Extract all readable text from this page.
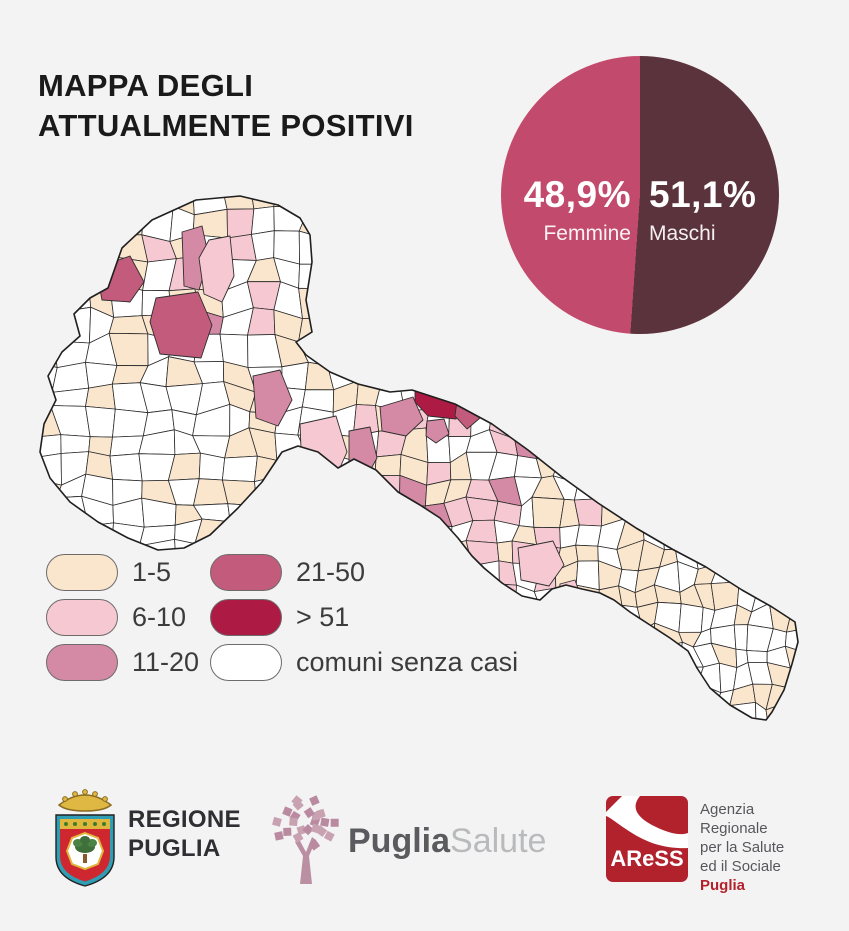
MAPPA DEGLI
ATTUALMENTE POSITIVI
48,9%
Femmine
51,1%
Maschi
1-5
6-10
11-20
21-50
> 51
comuni senza casi
REGIONE
PUGLIA	PugliaSalute	AReSS
Agenzia
Regionale
per la Salute
ed il Sociale
Puglia
